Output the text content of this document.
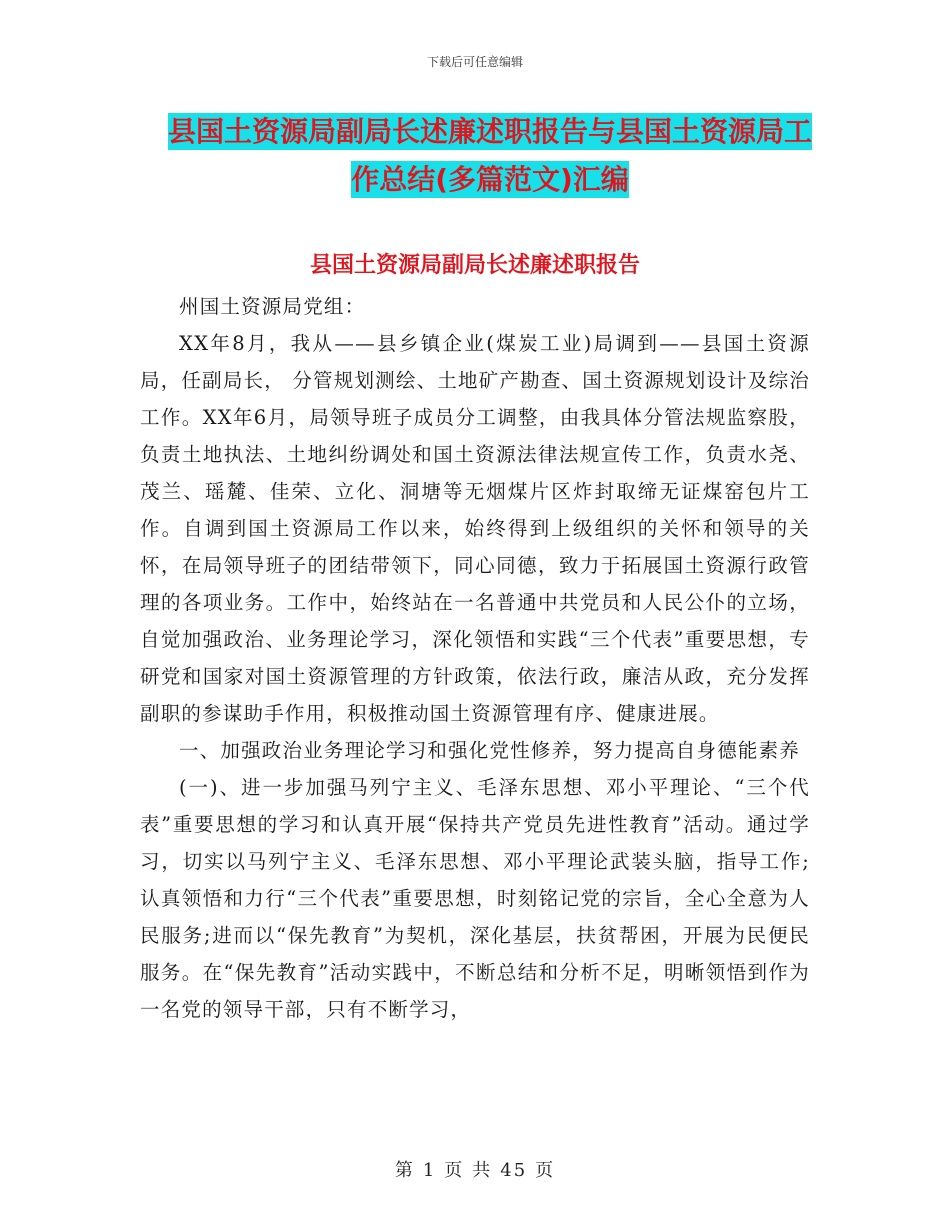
下载后可任意编辑
县国土资源局副局长述廉述职报告与县国土资源局工
作总结(多篇范文)汇编
县国土资源局副局长述廉述职报告

州国土资源局党组：

XX年8月，我从——县乡镇企业(煤炭工业)局调到——县国土资源局，任副局长， 分管规划测绘、土地矿产勘查、国土资源规划设计及综治工作。XX年6月，局领导班子成员分工调整，由我具体分管法规监察股，负责土地执法、土地纠纷调处和国土资源法律法规宣传工作，负责水尧、茂兰、瑶麓、佳荣、立化、洞塘等无烟煤片区炸封取缔无证煤窑包片工作。自调到国土资源局工作以来，始终得到上级组织的关怀和领导的关怀，在局领导班子的团结带领下，同心同德，致力于拓展国土资源行政管理的各项业务。工作中，始终站在一名普通中共党员和人民公仆的立场，自觉加强政治、业务理论学习，深化领悟和实践“三个代表”重要思想，专研党和国家对国土资源管理的方针政策，依法行政，廉洁从政，充分发挥副职的参谋助手作用，积极推动国土资源管理有序、健康进展。

一、加强政治业务理论学习和强化党性修养，努力提高自身德能素养

(一)、进一步加强马列宁主义、毛泽东思想、邓小平理论、“三个代表”重要思想的学习和认真开展“保持共产党员先进性教育”活动。通过学习，切实以马列宁主义、毛泽东思想、邓小平理论武装头脑，指导工作;认真领悟和力行“三个代表”重要思想，时刻铭记党的宗旨，全心全意为人民服务;进而以“保先教育”为契机，深化基层，扶贫帮困，开展为民便民服务。在“保先教育”活动实践中，不断总结和分析不足，明晰领悟到作为一名党的领导干部，只有不断学习，

第 1 页 共 45 页
